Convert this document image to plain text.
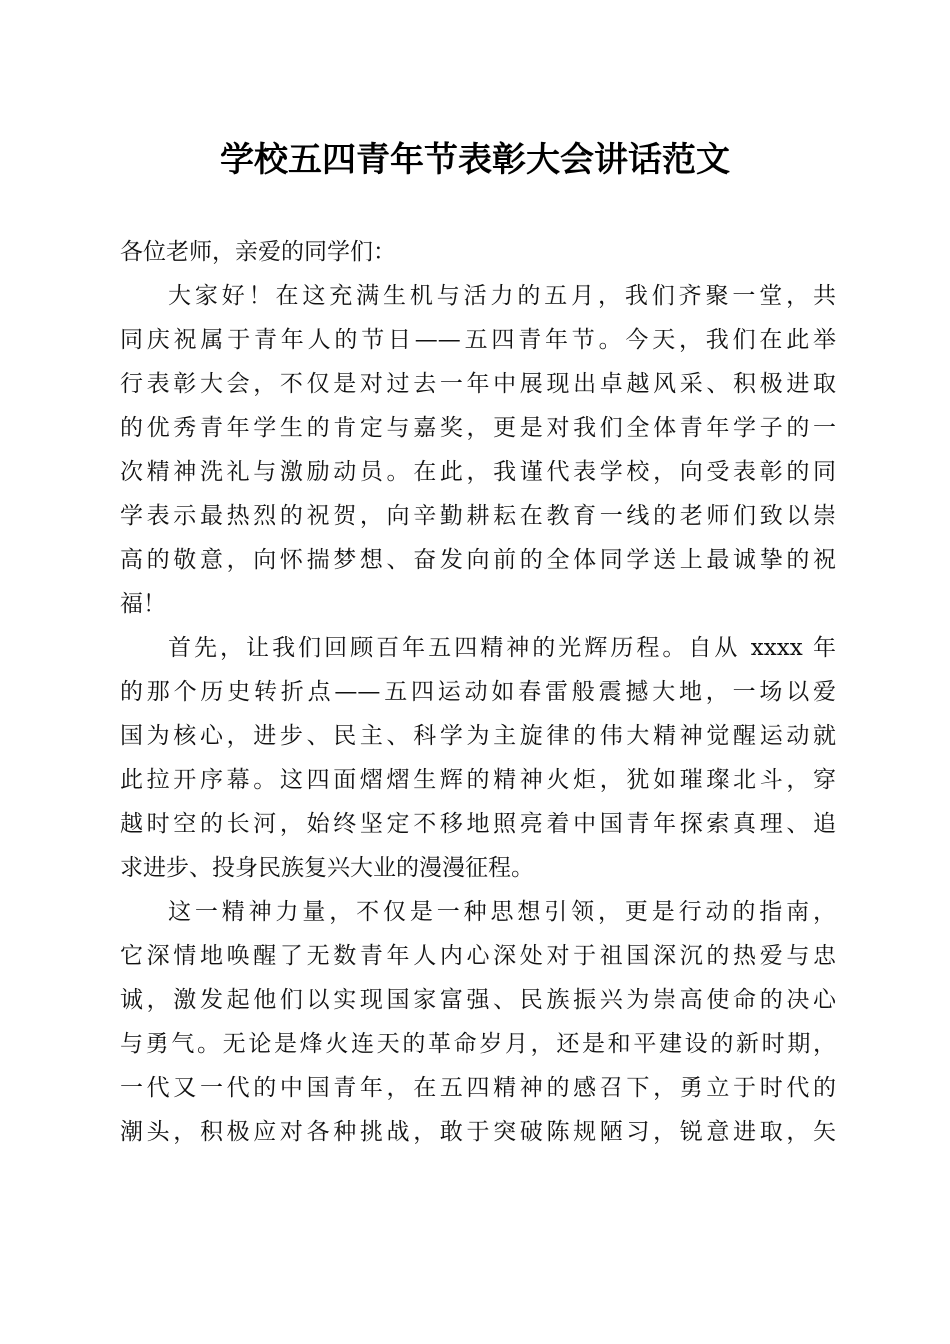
学校五四青年节表彰大会讲话范文
各位老师，亲爱的同学们：
大家好！在这充满生机与活力的五月，我们齐聚一堂，共
同庆祝属于青年人的节日——五四青年节。今天，我们在此举
行表彰大会，不仅是对过去一年中展现出卓越风采、积极进取
的优秀青年学生的肯定与嘉奖，更是对我们全体青年学子的一
次精神洗礼与激励动员。在此，我谨代表学校，向受表彰的同
学表示最热烈的祝贺，向辛勤耕耘在教育一线的老师们致以崇
高的敬意，向怀揣梦想、奋发向前的全体同学送上最诚挚的祝
福！
首先，让我们回顾百年五四精神的光辉历程。自从 xxxx 年
的那个历史转折点——五四运动如春雷般震撼大地，一场以爱
国为核心，进步、民主、科学为主旋律的伟大精神觉醒运动就
此拉开序幕。这四面熠熠生辉的精神火炬，犹如璀璨北斗，穿
越时空的长河，始终坚定不移地照亮着中国青年探索真理、追
求进步、投身民族复兴大业的漫漫征程。
这一精神力量，不仅是一种思想引领，更是行动的指南，
它深情地唤醒了无数青年人内心深处对于祖国深沉的热爱与忠
诚，激发起他们以实现国家富强、民族振兴为崇高使命的决心
与勇气。无论是烽火连天的革命岁月，还是和平建设的新时期，
一代又一代的中国青年，在五四精神的感召下，勇立于时代的
潮头，积极应对各种挑战，敢于突破陈规陋习，锐意进取，矢
